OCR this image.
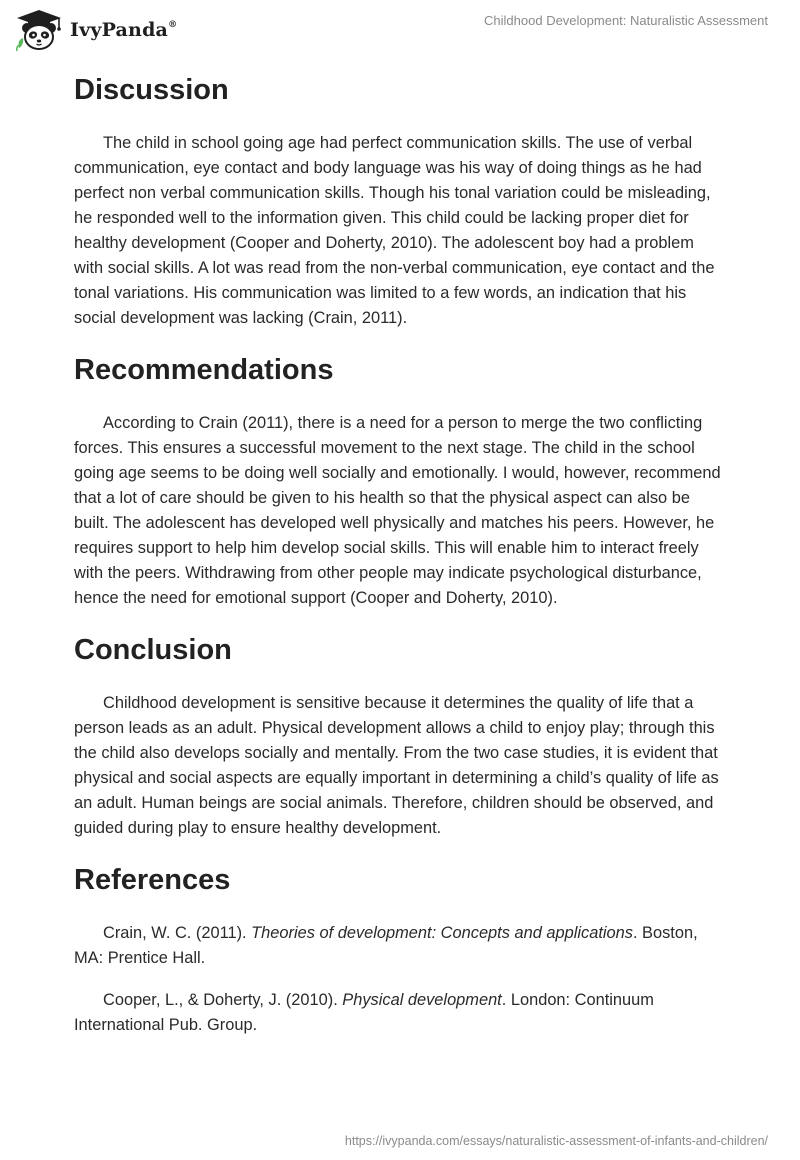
IvyPanda®	Childhood Development: Naturalistic Assessment
Discussion

The child in school going age had perfect communication skills. The use of verbal communication, eye contact and body language was his way of doing things as he had perfect non verbal communication skills. Though his tonal variation could be misleading, he responded well to the information given. This child could be lacking proper diet for healthy development (Cooper and Doherty, 2010). The adolescent boy had a problem with social skills. A lot was read from the non-verbal communication, eye contact and the tonal variations. His communication was limited to a few words, an indication that his social development was lacking (Crain, 2011).

Recommendations

According to Crain (2011), there is a need for a person to merge the two conflicting forces. This ensures a successful movement to the next stage. The child in the school going age seems to be doing well socially and emotionally. I would, however, recommend that a lot of care should be given to his health so that the physical aspect can also be built. The adolescent has developed well physically and matches his peers. However, he requires support to help him develop social skills. This will enable him to interact freely with the peers. Withdrawing from other people may indicate psychological disturbance, hence the need for emotional support (Cooper and Doherty, 2010).

Conclusion

Childhood development is sensitive because it determines the quality of life that a person leads as an adult. Physical development allows a child to enjoy play; through this the child also develops socially and mentally. From the two case studies, it is evident that physical and social aspects are equally important in determining a child’s quality of life as an adult. Human beings are social animals. Therefore, children should be observed, and guided during play to ensure healthy development.

References

Crain, W. C. (2011). Theories of development: Concepts and applications. Boston, MA: Prentice Hall.

Cooper, L., & Doherty, J. (2010). Physical development. London: Continuum International Pub. Group.

https://ivypanda.com/essays/naturalistic-assessment-of-infants-and-children/
